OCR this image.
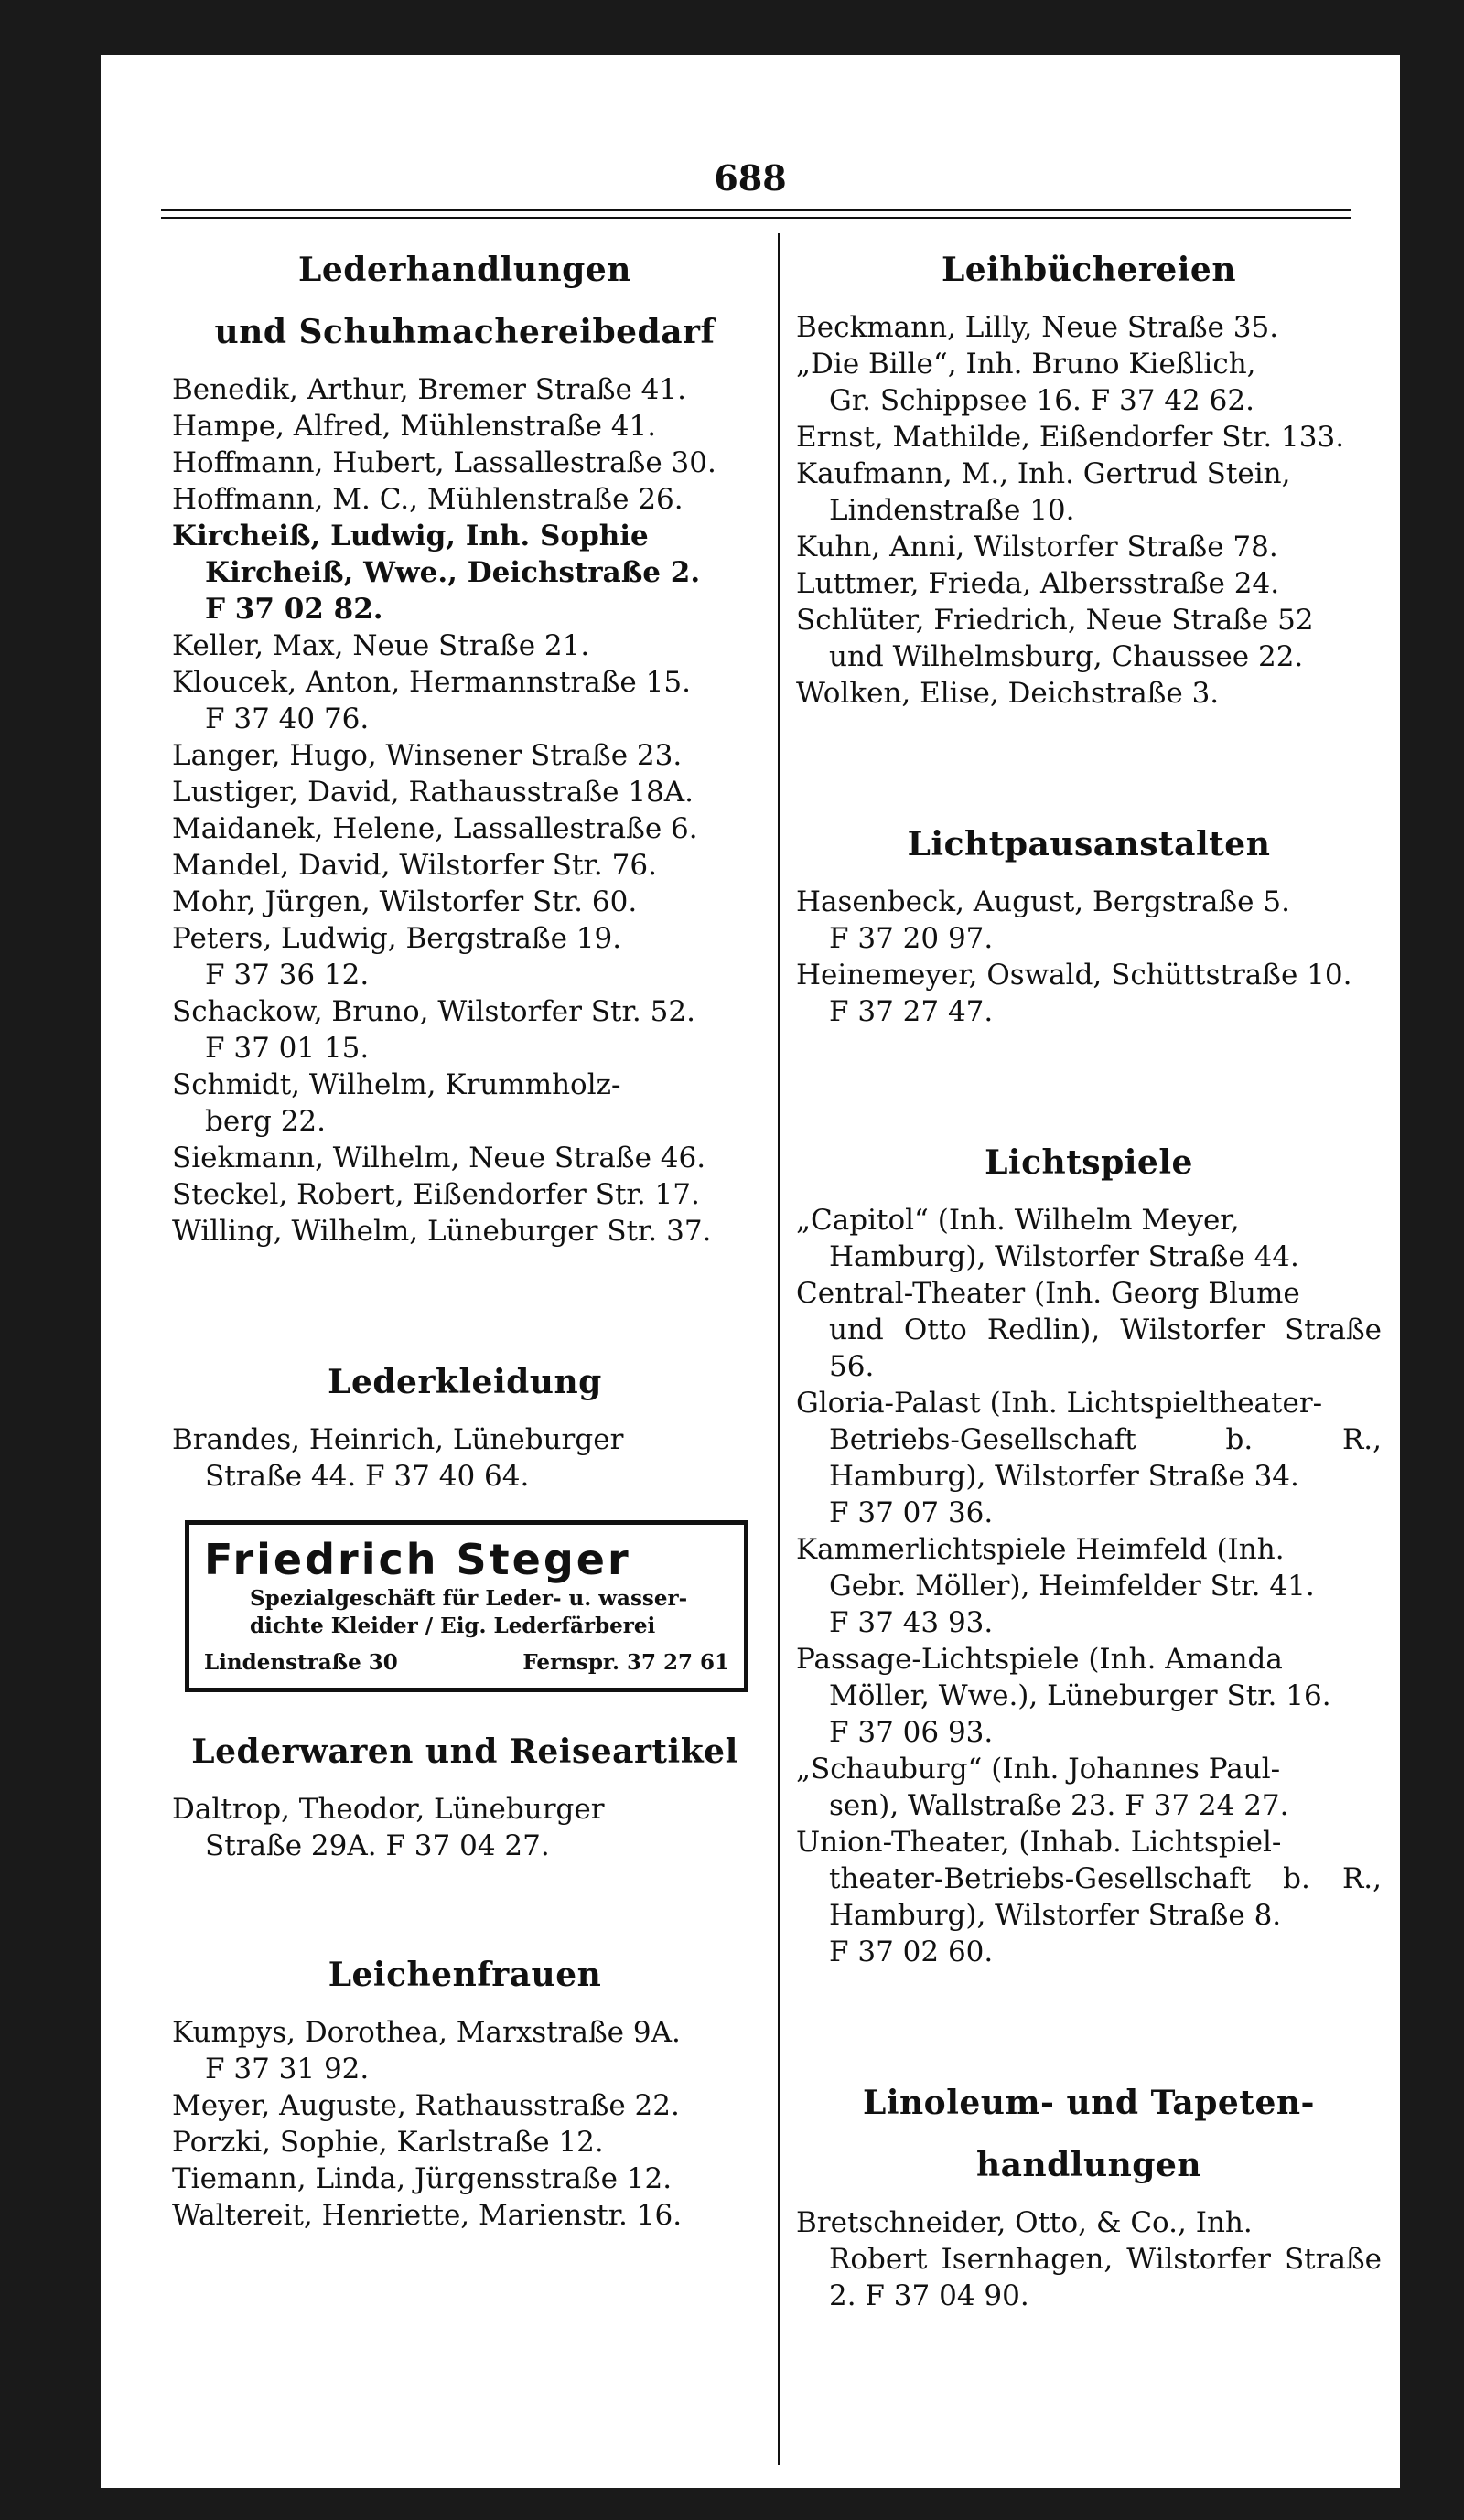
688
Lederhandlungen
und Schuhmachereibedarf
Benedik, Arthur, Bremer Straße 41.
Hampe, Alfred, Mühlenstraße 41.
Hoffmann, Hubert, Lassallestraße 30.
Hoffmann, M. C., Mühlenstraße 26.
Kircheiß, Ludwig, Inh. Sophie
Kircheiß, Wwe., Deichstraße 2.
F 37 02 82.
Keller, Max, Neue Straße 21.
Kloucek, Anton, Hermannstraße 15.
F 37 40 76.
Langer, Hugo, Winsener Straße 23.
Lustiger, David, Rathausstraße 18A.
Maidanek, Helene, Lassallestraße 6.
Mandel, David, Wilstorfer Str. 76.
Mohr, Jürgen, Wilstorfer Str. 60.
Peters, Ludwig, Bergstraße 19.
F 37 36 12.
Schackow, Bruno, Wilstorfer Str. 52.
F 37 01 15.
Schmidt, Wilhelm, Krummholz-
berg 22.
Siekmann, Wilhelm, Neue Straße 46.
Steckel, Robert, Eißendorfer Str. 17.
Willing, Wilhelm, Lüneburger Str. 37.
Lederkleidung
Brandes, Heinrich, Lüneburger
Straße 44. F 37 40 64.
Friedrich Steger
Spezialgeschäft für Leder- u. wasser-
dichte Kleider / Eig. Lederfärberei
Lindenstraße 30	Fernspr. 37 27 61
Lederwaren und Reiseartikel
Daltrop, Theodor, Lüneburger
Straße 29A. F 37 04 27.
Leichenfrauen
Kumpys, Dorothea, Marxstraße 9A.
F 37 31 92.
Meyer, Auguste, Rathausstraße 22.
Porzki, Sophie, Karlstraße 12.
Tiemann, Linda, Jürgensstraße 12.
Waltereit, Henriette, Marienstr. 16.
Leihbüchereien
Beckmann, Lilly, Neue Straße 35.
„Die Bille“, Inh. Bruno Kießlich,
Gr. Schippsee 16. F 37 42 62.
Ernst, Mathilde, Eißendorfer Str. 133.
Kaufmann, M., Inh. Gertrud Stein,
Lindenstraße 10.
Kuhn, Anni, Wilstorfer Straße 78.
Luttmer, Frieda, Albersstraße 24.
Schlüter, Friedrich, Neue Straße 52
und Wilhelmsburg, Chaussee 22.
Wolken, Elise, Deichstraße 3.
Lichtpausanstalten
Hasenbeck, August, Bergstraße 5.
F 37 20 97.
Heinemeyer, Oswald, Schüttstraße 10.
F 37 27 47.
Lichtspiele
„Capitol“ (Inh. Wilhelm Meyer,
Hamburg), Wilstorfer Straße 44.
Central-Theater (Inh. Georg Blume
und Otto Redlin), Wilstorfer Straße 56.
Gloria-Palast (Inh. Lichtspieltheater-
Betriebs-Gesellschaft b. R., Hamburg), Wilstorfer Straße 34.
F 37 07 36.
Kammerlichtspiele Heimfeld (Inh.
Gebr. Möller), Heimfelder Str. 41.
F 37 43 93.
Passage-Lichtspiele (Inh. Amanda
Möller, Wwe.), Lüneburger Str. 16.
F 37 06 93.
„Schauburg“ (Inh. Johannes Paul-
sen), Wallstraße 23. F 37 24 27.
Union-Theater, (Inhab. Lichtspiel-
theater-Betriebs-Gesellschaft b. R., Hamburg), Wilstorfer Straße 8.
F 37 02 60.
Linoleum- und Tapeten-
handlungen
Bretschneider, Otto, & Co., Inh.
Robert Isernhagen, Wilstorfer Straße 2. F 37 04 90.
